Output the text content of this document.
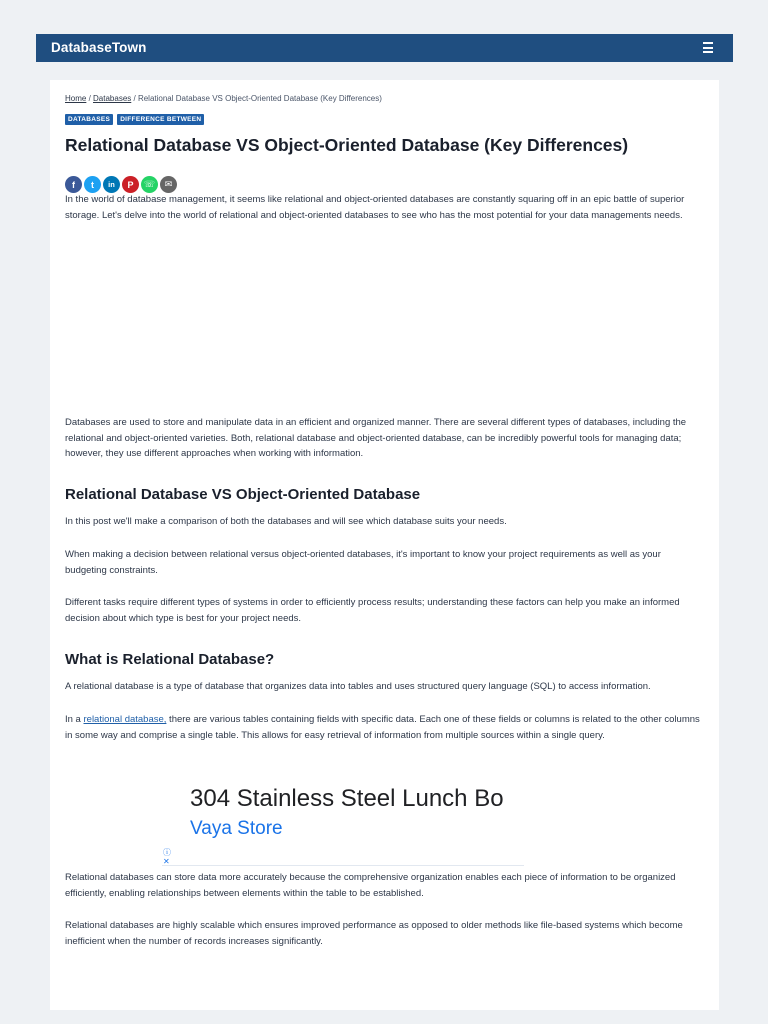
DatabaseTown
Home / Databases / Relational Database VS Object-Oriented Database (Key Differences)
DATABASES	DIFFERENCE BETWEEN
Relational Database VS Object-Oriented Database (Key Differences)
f	t	in	P	☏	✉

In the world of database management, it seems like relational and object-oriented databases are constantly squaring off in an epic battle of superior storage. Let's delve into the world of relational and object-oriented databases to see who has the most potential for your data managements needs.

Databases are used to store and manipulate data in an efficient and organized manner. There are several different types of databases, including the relational and object-oriented varieties. Both, relational database and object-oriented database, can be incredibly powerful tools for managing data; however, they use different approaches when working with information.

Relational Database VS Object-Oriented Database

In this post we'll make a comparison of both the databases and will see which database suits your needs.

When making a decision between relational versus object-oriented databases, it's important to know your project requirements as well as your budgeting constraints.

Different tasks require different types of systems in order to efficiently process results; understanding these factors can help you make an informed decision about which type is best for your project needs.

What is Relational Database?

A relational database is a type of database that organizes data into tables and uses structured query language (SQL) to access information.

In a relational database, there are various tables containing fields with specific data. Each one of these fields or columns is related to the other columns in some way and comprise a single table. This allows for easy retrieval of information from multiple sources within a single query.

304 Stainless Steel Lunch Bo
Vaya Store
ⓘ
✕

Relational databases can store data more accurately because the comprehensive organization enables each piece of information to be organized efficiently, enabling relationships between elements within the table to be established.

Relational databases are highly scalable which ensures improved performance as opposed to older methods like file-based systems which become inefficient when the number of records increases significantly.
